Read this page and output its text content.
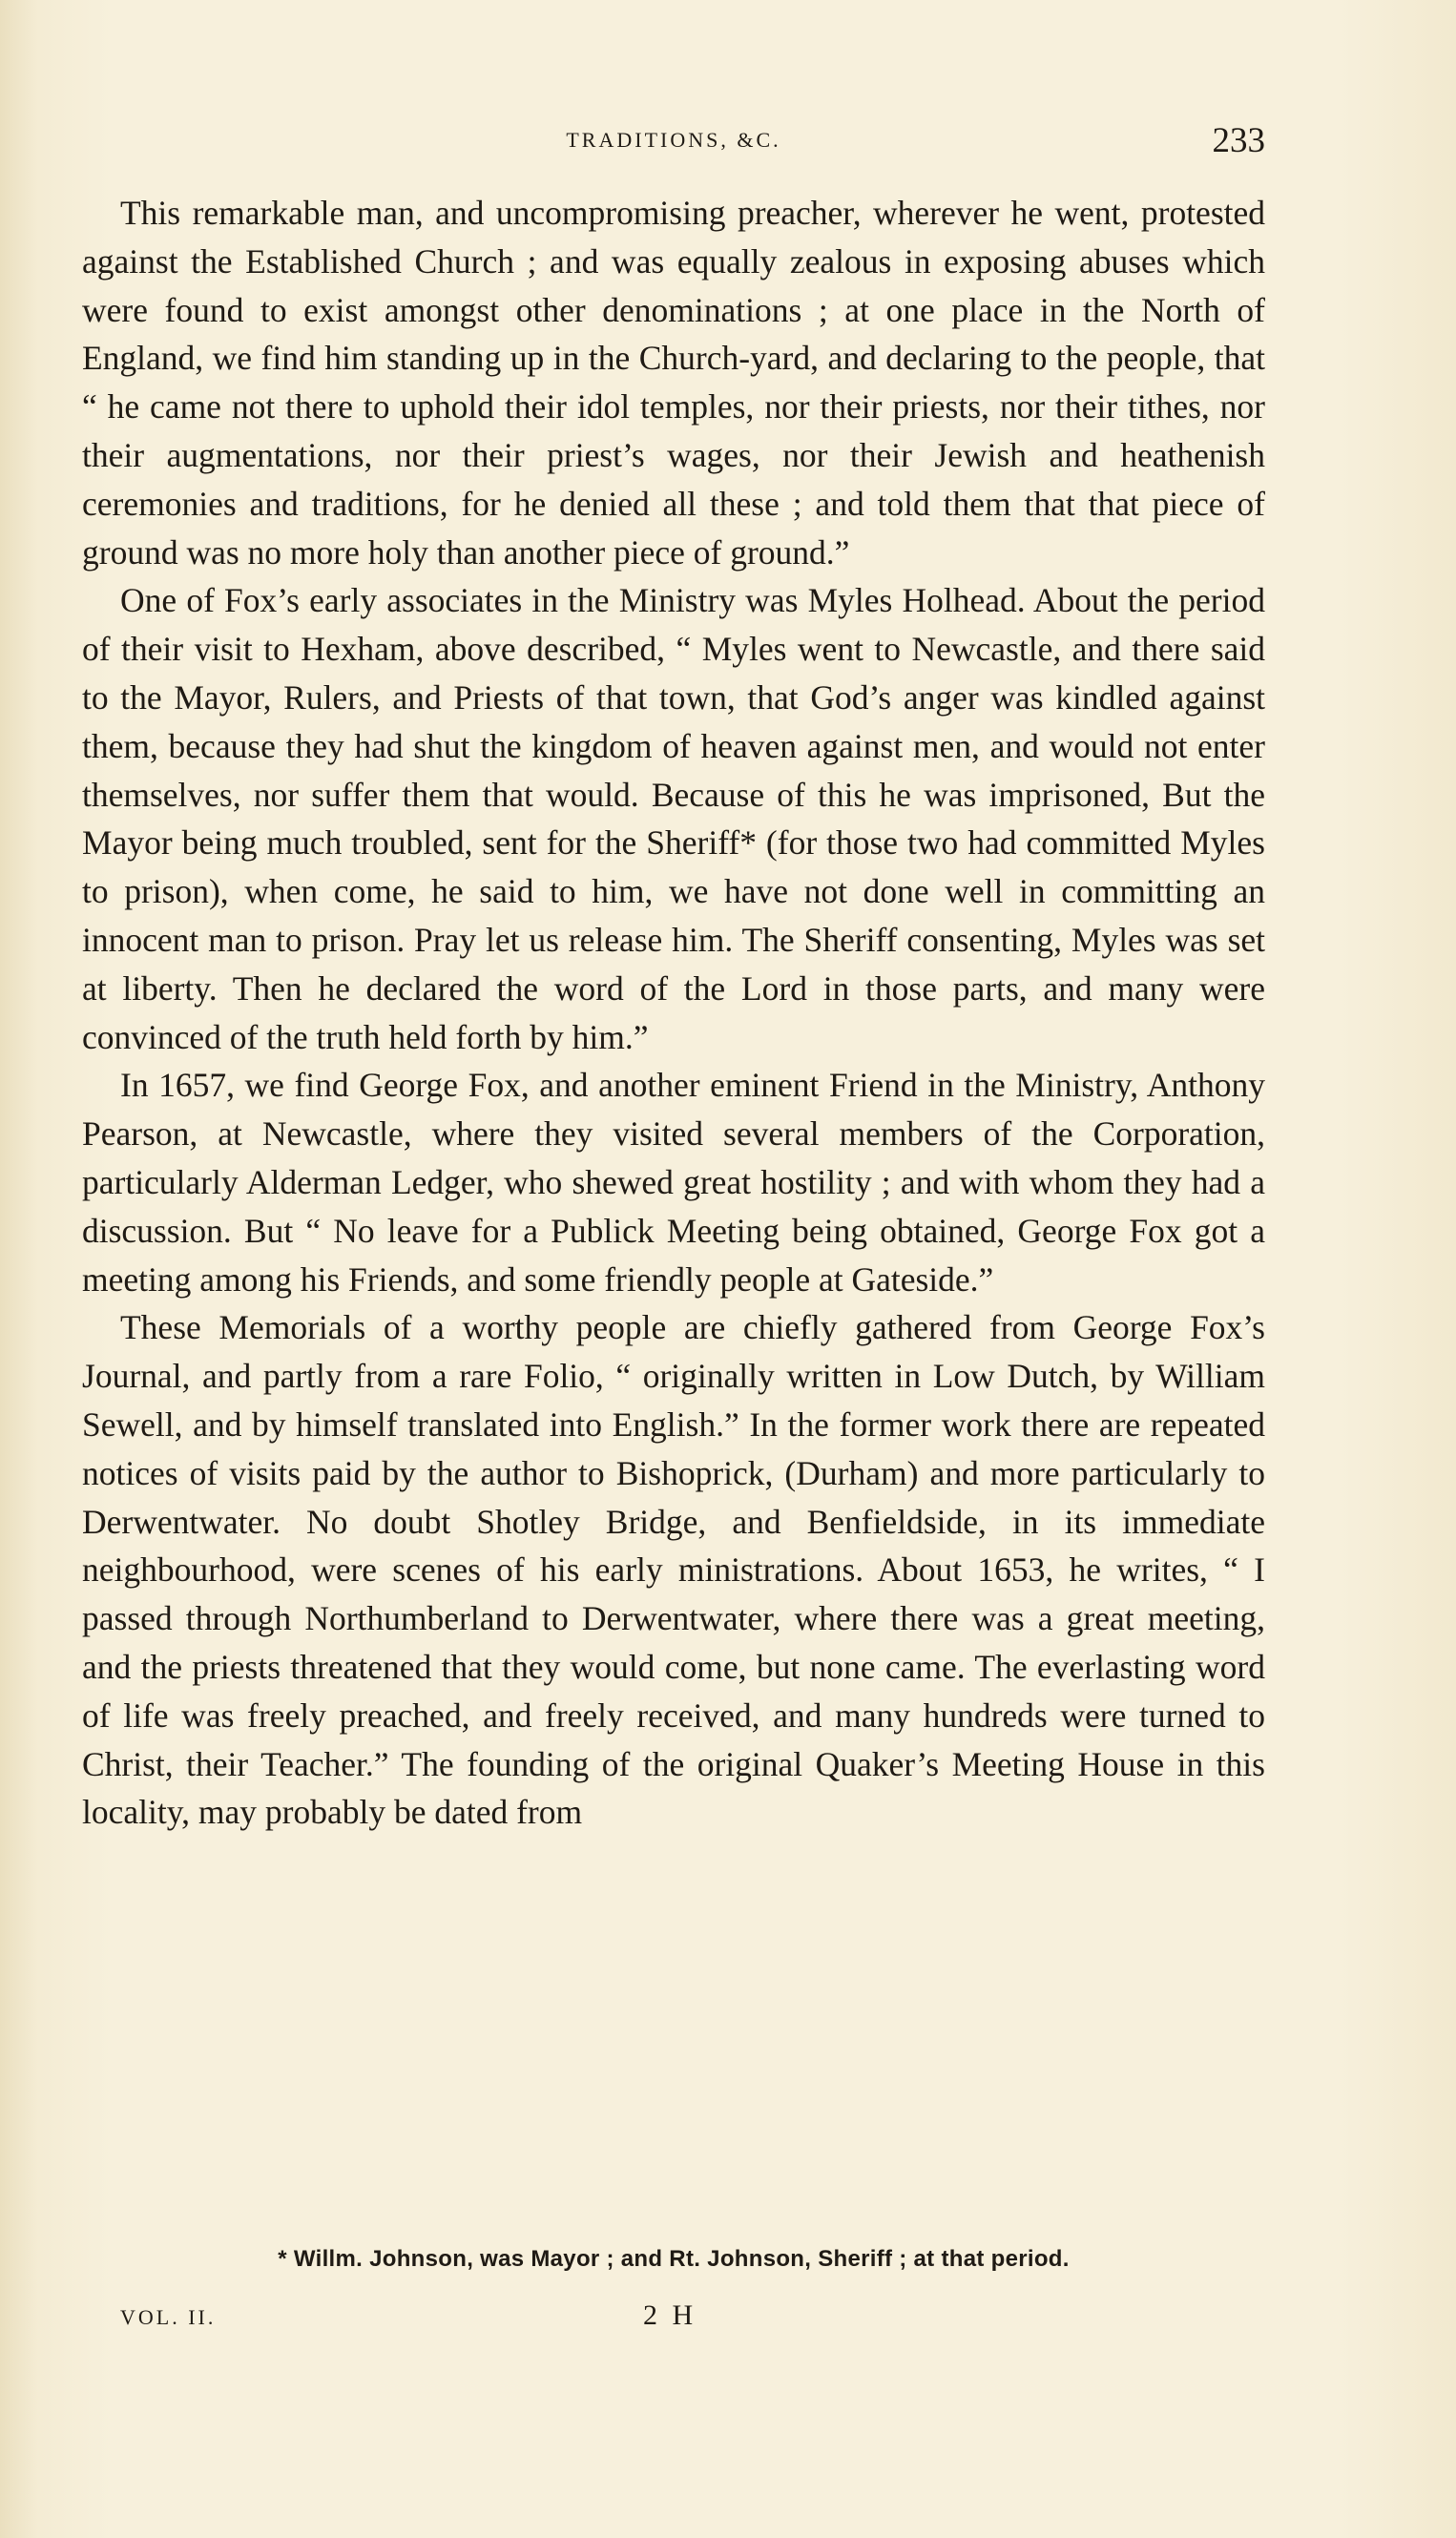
TRADITIONS, &C.	233

This remarkable man, and uncompromising preacher, wherever he went, protested against the Established Church ; and was equally zealous in exposing abuses which were found to exist amongst other denominations ; at one place in the North of England, we find him standing up in the Church-yard, and declaring to the people, that “ he came not there to uphold their idol temples, nor their priests, nor their tithes, nor their augmentations, nor their priest’s wages, nor their Jewish and heathenish ceremonies and traditions, for he denied all these ; and told them that that piece of ground was no more holy than another piece of ground.”

One of Fox’s early associates in the Ministry was Myles Holhead. About the period of their visit to Hexham, above described, “ Myles went to Newcastle, and there said to the Mayor, Rulers, and Priests of that town, that God’s anger was kindled against them, because they had shut the kingdom of heaven against men, and would not enter themselves, nor suffer them that would. Because of this he was imprisoned, But the Mayor being much troubled, sent for the Sheriff* (for those two had committed Myles to prison), when come, he said to him, we have not done well in committing an innocent man to prison. Pray let us release him. The Sheriff consenting, Myles was set at liberty. Then he declared the word of the Lord in those parts, and many were convinced of the truth held forth by him.”

In 1657, we find George Fox, and another eminent Friend in the Ministry, Anthony Pearson, at Newcastle, where they visited several members of the Corporation, particularly Alderman Ledger, who shewed great hostility ; and with whom they had a discussion. But “ No leave for a Publick Meeting being obtained, George Fox got a meeting among his Friends, and some friendly people at Gateside.”

These Memorials of a worthy people are chiefly gathered from George Fox’s Journal, and partly from a rare Folio, “ originally written in Low Dutch, by William Sewell, and by himself translated into English.” In the former work there are repeated notices of visits paid by the author to Bishoprick, (Durham) and more particularly to Derwentwater. No doubt Shotley Bridge, and Benfieldside, in its immediate neighbourhood, were scenes of his early ministrations. About 1653, he writes, “ I passed through Northumberland to Derwentwater, where there was a great meeting, and the priests threatened that they would come, but none came. The everlasting word of life was freely preached, and freely received, and many hundreds were turned to Christ, their Teacher.” The founding of the original Quaker’s Meeting House in this locality, may probably be dated from

* Willm. Johnson, was Mayor ; and Rt. Johnson, Sheriff ; at that period.
VOL. II.	2 H
